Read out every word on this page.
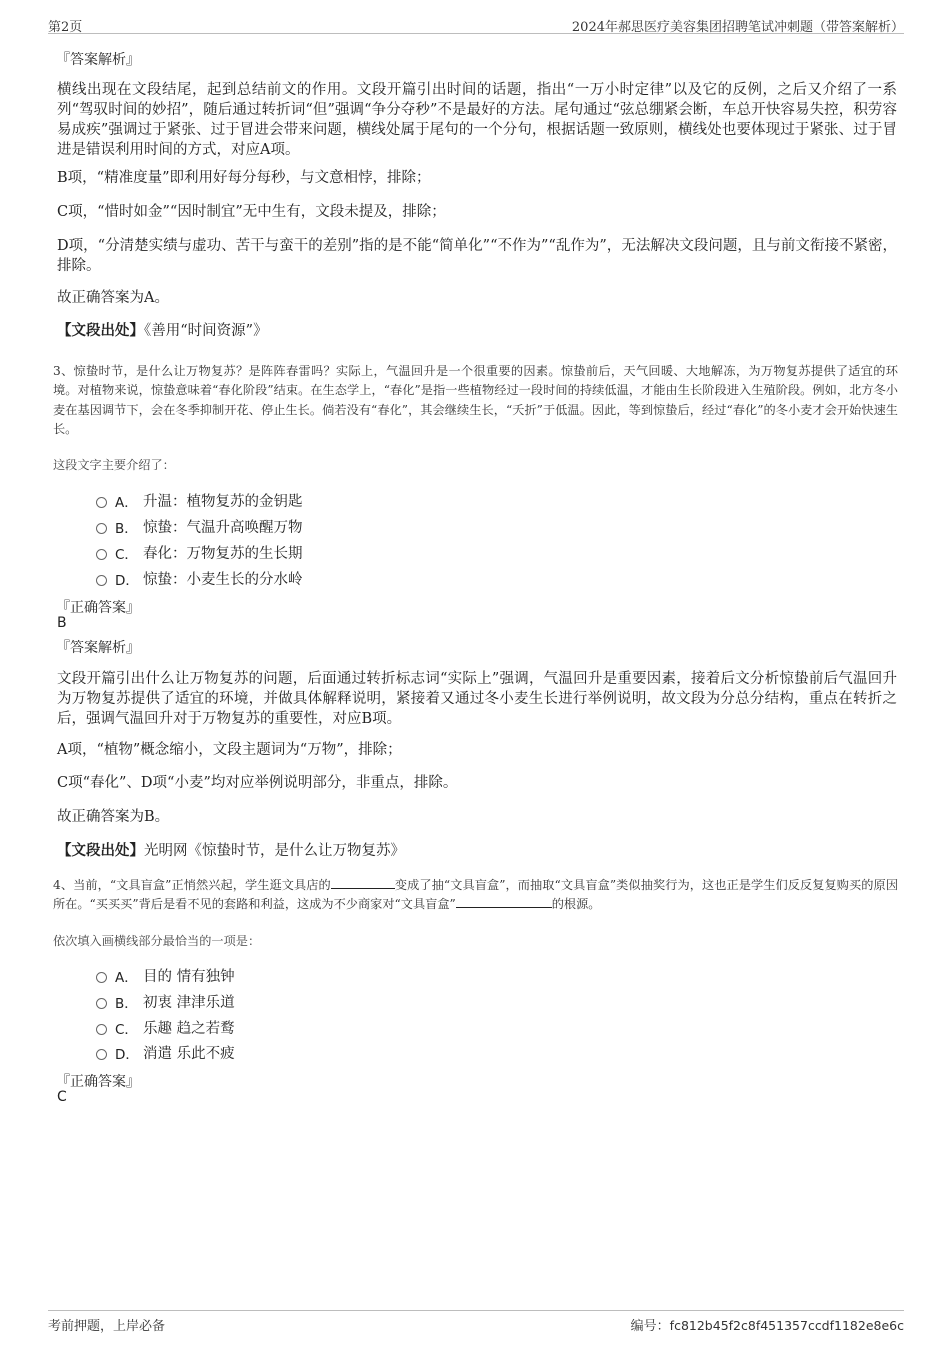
第2页	2024年郝思医疗美容集团招聘笔试冲刺题（带答案解析）
『答案解析』
横线出现在文段结尾，起到总结前文的作用。文段开篇引出时间的话题，指出“一万小时定律”以及它的反例，之后又介绍了一系列“驾驭时间的妙招”，随后通过转折词“但”强调“争分夺秒”不是最好的方法。尾句通过“弦总绷紧会断，车总开快容易失控，积劳容易成疾”强调过于紧张、过于冒进会带来问题，横线处属于尾句的一个分句，根据话题一致原则，横线处也要体现过于紧张、过于冒进是错误利用时间的方式，对应A项。
B项，“精准度量”即利用好每分每秒，与文意相悖，排除；
C项，“惜时如金”“因时制宜”无中生有，文段未提及，排除；
D项，“分清楚实绩与虚功、苦干与蛮干的差别”指的是不能“简单化”“不作为”“乱作为”，无法解决文段问题，且与前文衔接不紧密，排除。
故正确答案为A。
【文段出处】《善用“时间资源”》
3、惊蛰时节，是什么让万物复苏？是阵阵春雷吗？实际上，气温回升是一个很重要的因素。惊蛰前后，天气回暖、大地解冻，为万物复苏提供了适宜的环境。对植物来说，惊蛰意味着“春化阶段”结束。在生态学上，“春化”是指一些植物经过一段时间的持续低温，才能由生长阶段进入生殖阶段。例如，北方冬小麦在基因调节下，会在冬季抑制开花、停止生长。倘若没有“春化”，其会继续生长，“夭折”于低温。因此，等到惊蛰后，经过“春化”的冬小麦才会开始快速生长。
这段文字主要介绍了：
A． 升温：植物复苏的金钥匙
B． 惊蛰：气温升高唤醒万物
C． 春化：万物复苏的生长期
D． 惊蛰：小麦生长的分水岭
『正确答案』
B
『答案解析』
文段开篇引出什么让万物复苏的问题，后面通过转折标志词“实际上”强调，气温回升是重要因素，接着后文分析惊蛰前后气温回升为万物复苏提供了适宜的环境，并做具体解释说明，紧接着又通过冬小麦生长进行举例说明，故文段为分总分结构，重点在转折之后，强调气温回升对于万物复苏的重要性，对应B项。
A项，“植物”概念缩小，文段主题词为“万物”，排除；
C项“春化”、D项“小麦”均对应举例说明部分，非重点，排除。
故正确答案为B。
【文段出处】光明网《惊蛰时节，是什么让万物复苏》
4、当前，“文具盲盒”正悄然兴起，学生逛文具店的	变成了抽“文具盲盒”，而抽取“文具盲盒”类似抽奖行为，这也正是学生们反反复复购买的原因所在。“买买买”背后是看不见的套路和利益，这成为不少商家对“文具盲盒”	的根源。
依次填入画横线部分最恰当的一项是：
A． 目的 情有独钟
B． 初衷 津津乐道
C． 乐趣 趋之若鹜
D． 消遣 乐此不疲
『正确答案』
C
考前押题，上岸必备	编号：fc812b45f2c8f451357ccdf1182e8e6c
